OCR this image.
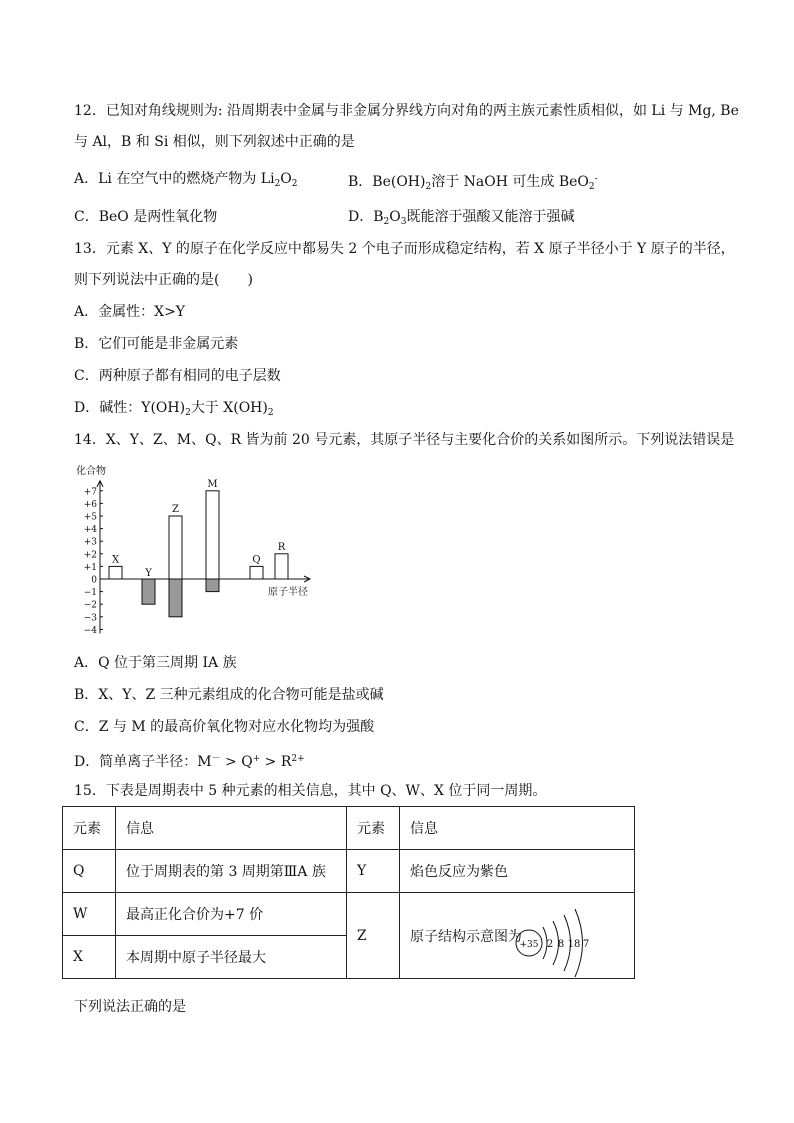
12．已知对角线规则为: 沿周期表中金属与非金属分界线方向对角的两主族元素性质相似，如 Li 与 Mg, Be
与 Al，B 和 Si 相似，则下列叙述中正确的是
A．Li 在空气中的燃烧产物为 $Li_2O_2$	B．$Be(OH)_2$溶于 NaOH 可生成 BeO$_2$-
C．BeO 是两性氧化物	D．$B_2O_3$既能溶于强酸又能溶于强碱
13．元素 X、Y 的原子在化学反应中都易失 2 个电子而形成稳定结构，若 X 原子半径小于 Y 原子的半径，
则下列说法中正确的是(　　)
A．金属性：X>Y
B．它们可能是非金属元素
C．两种原子都有相同的电子层数
D．碱性：$Y(OH)_2$大于 $X(OH)_2$
14．X、Y、Z、M、Q、R 皆为前 20 号元素，其原子半径与主要化合价的关系如图所示。下列说法错误是
化合物
+7
+6
+5
+4
+3
+2
+1
0
−1
−2
−3
−4
X
Y
Z
M
Q
R
原子半径
A．Q 位于第三周期 IA 族
B．X、Y、Z 三种元素组成的化合物可能是盐或碱
C．Z 与 M 的最高价氧化物对应水化物均为强酸
D．简单离子半径：$M^- > Q^+ > R^{2+}$
15．下表是周期表中 5 种元素的相关信息，其中 Q、W、X 位于同一周期。
元素	信息	元素	信息
Q	位于周期表的第 3 周期第ⅢA 族	Y	焰色反应为紫色
W	最高正化合价为+7 价	Z	原子结构示意图为
X	本周期中原子半径最大		
+35 2 8 18 7
下列说法正确的是
